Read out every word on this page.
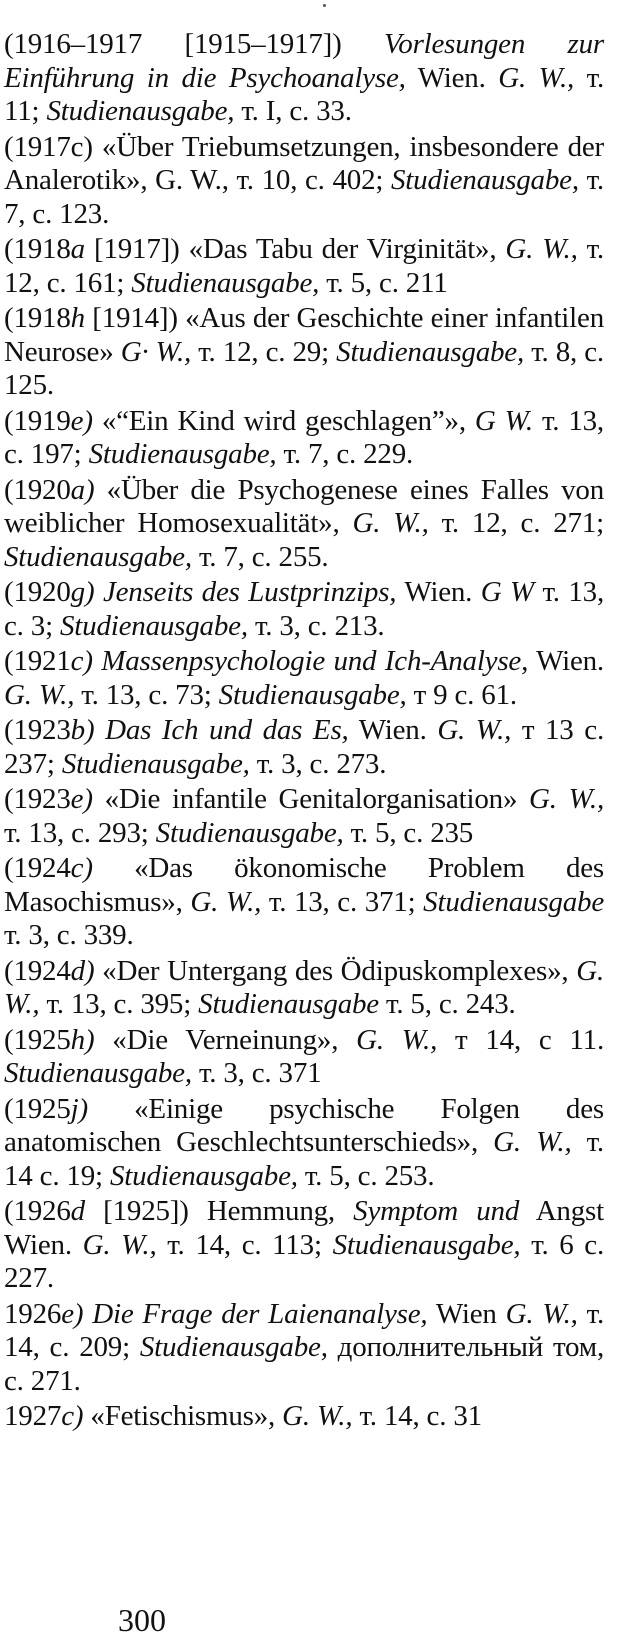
(1916–1917 [1915–1917]) Vorlesungen zur Einführung in die Psychoanalyse, Wien. G. W., т. 11; Studienausgabe, т. I, с. 33.
(1917c) «Über Triebumsetzungen, insbesondere der Analerotik», G. W., т. 10, с. 402; Studienausgabe, т. 7, с. 123.
(1918a [1917]) «Das Tabu der Virginität», G. W., т. 12, с. 161; Studienausgabe, т. 5, с. 211
(1918h [1914]) «Aus der Geschichte einer infantilen Neurose» G· W., т. 12, с. 29; Studienausgabe, т. 8, с. 125.
(1919e) «“Ein Kind wird geschlagen”», G W. т. 13, с. 197; Studienausgabe, т. 7, с. 229.
(1920a) «Über die Psychogenese eines Falles von weiblicher Homosexualität», G. W., т. 12, с. 271; Studienausgabe, т. 7, с. 255.
(1920g) Jenseits des Lustprinzips, Wien. G W т. 13, с. 3; Studienausgabe, т. 3, с. 213.
(1921c) Massenpsychologie und Ich-Analyse, Wien. G. W., т. 13, с. 73; Studienausgabe, т 9 с. 61.
(1923b) Das Ich und das Es, Wien. G. W., т 13 с. 237; Studienausgabe, т. 3, с. 273.
(1923e) «Die infantile Genitalorganisation» G. W., т. 13, с. 293; Studienausgabe, т. 5, с. 235
(1924c) «Das ökonomische Problem des Masochismus», G. W., т. 13, с. 371; Studienausgabe т. 3, с. 339.
(1924d) «Der Untergang des Ödipuskomplexes», G. W., т. 13, с. 395; Studienausgabe т. 5, с. 243.
(1925h) «Die Verneinung», G. W., т 14, с 11. Studienausgabe, т. 3, с. 371
(1925j) «Einige psychische Folgen des anatomischen Geschlechtsunterschieds», G. W., т. 14 с. 19; Studienausgabe, т. 5, с. 253.
(1926d [1925]) Hemmung, Symptom und Angst Wien. G. W., т. 14, с. 113; Studienausgabe, т. 6 с. 227.
1926e) Die Frage der Laienanalyse, Wien G. W., т. 14, с. 209; Studienausgabe, дополнительный том, с. 271.
1927c) «Fetischismus», G. W., т. 14, с. 31
300
